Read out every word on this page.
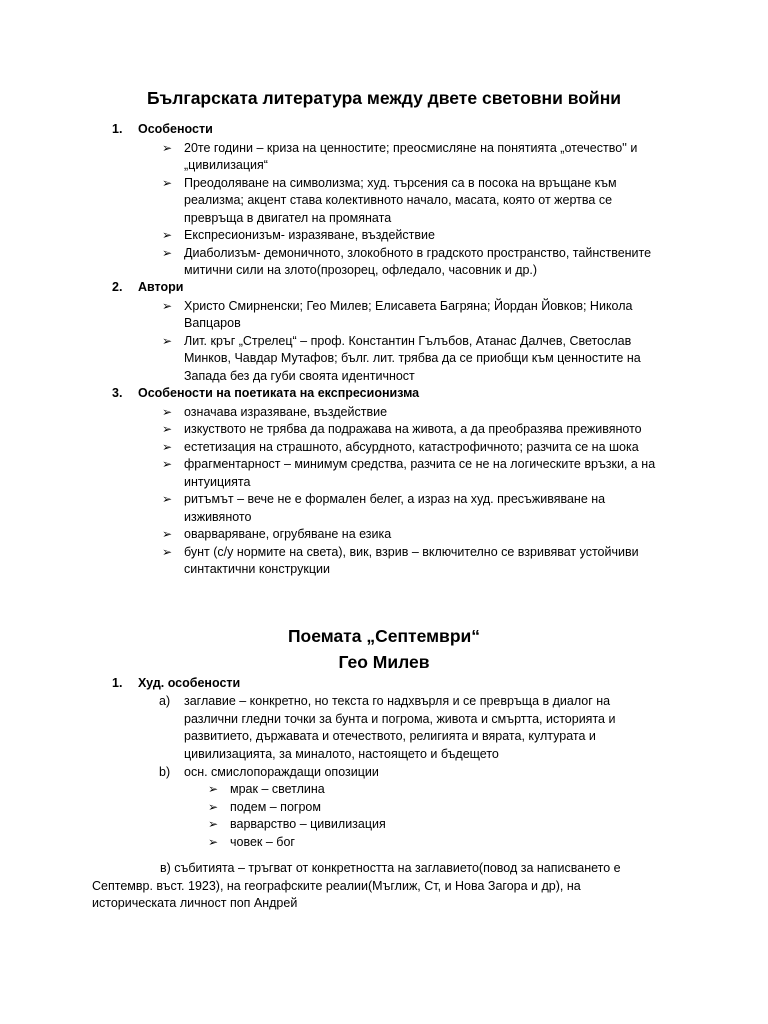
Българската литература между двете световни войни
1. Особености
➢ 20те години – криза на ценностите; преосмисляне на понятията „отечество'' и
„цивилизация“
➢ Преодоляване на символизма; худ. търсения са в посока на връщане към
реализма; акцент става колективното начало, масата, която от жертва се
превръща в двигател на промяната
➢ Експресионизъм- изразяване, въздействие
➢ Диаболизъм- демоничното, злокобното в градското пространство, тайнствените
митични сили на злото(прозорец, офледало, часовник и др.)
2. Автори
➢ Христо Смирненски; Гео Милев; Елисавета Багряна; Йордан Йовков; Никола
Вапцаров
➢ Лит. кръг „Стрелец“ – проф. Константин Гълъбов, Атанас Далчев, Светослав
Минков, Чавдар Мутафов; бълг. лит. трябва да се приобщи към ценностите на
Запада без да губи своята идентичност
3. Особености на поетиката на експресионизма
➢ означава изразяване, въздействие
➢ изкуството не трябва да подражава на живота, а да преобразява преживяното
➢ естетизация на страшното, абсурдното, катастрофичното; разчита се на шока
➢ фрагментарност – минимум средства, разчита се не на логическите връзки, а на
интуицията
➢ ритъмът – вече не е формален белег, а израз на худ. пресъживяване на
изживяното
➢ оварваряване, огрубяване на езика
➢ бунт (с/у нормите на света), вик, взрив – включително се взривяват устойчиви
синтактични конструкции
Поемата „Септември“
Гео Милев
1. Худ. особености
a) заглавие – конкретно, но текста го надхвърля и се превръща в диалог на
различни гледни точки за бунта и погрома, живота и смъртта, историята и
развитието, държавата и отечеството, религията и вярата, културата и
цивилизацията, за миналото, настоящето и бъдещето
b) осн. смислопораждащи опозиции
➢ мрак – светлина
➢ подем – погром
➢ варварство – цивилизация
➢ човек – бог
в) събитията – тръгват от конкретността на заглавието(повод за написването е
Септемвр. въст. 1923), на географските реалии(Мъглиж, Ст, и Нова Загора и др), на
историческата личност поп Андрей
